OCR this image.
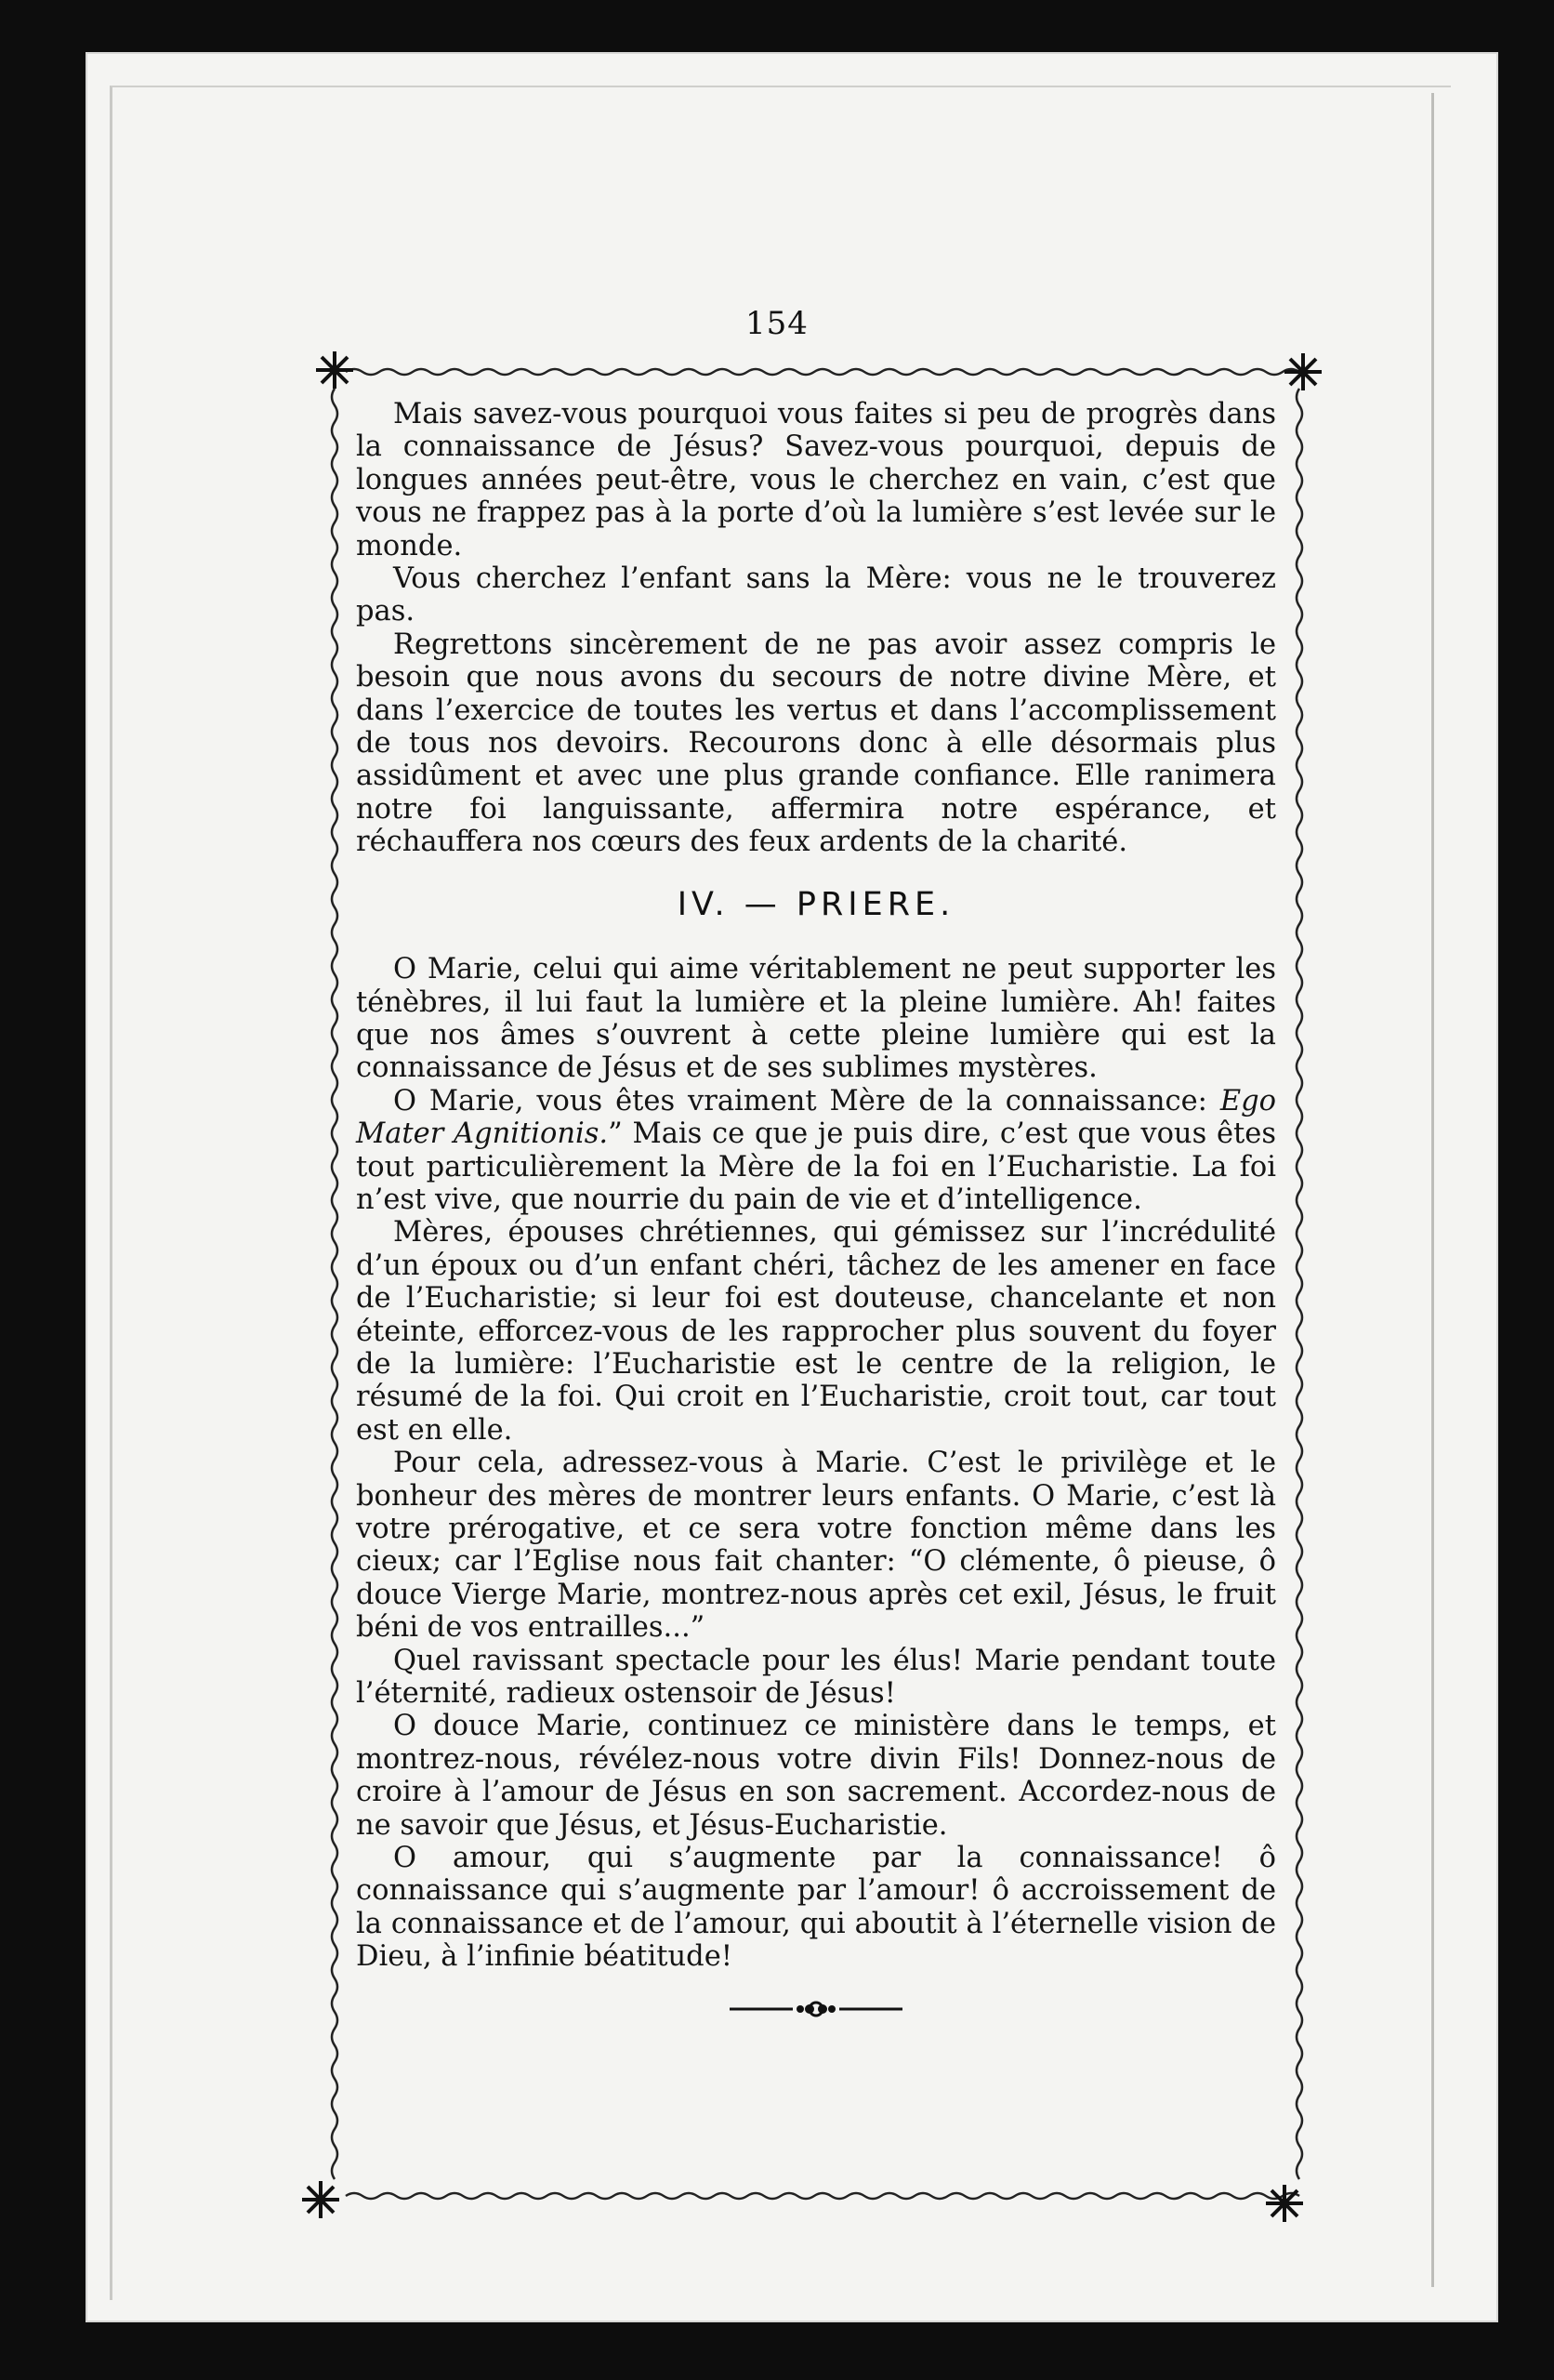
154

Mais savez-vous pourquoi vous faites si peu de progrès dans la connaissance de Jésus? Savez-vous pourquoi, depuis de longues années peut-être, vous le cherchez en vain, c’est que vous ne frappez pas à la porte d’où la lumière s’est levée sur le monde.

Vous cherchez l’enfant sans la Mère: vous ne le trouverez pas.

Regrettons sincèrement de ne pas avoir assez compris le besoin que nous avons du secours de notre divine Mère, et dans l’exercice de toutes les vertus et dans l’accomplissement de tous nos devoirs. Recourons donc à elle désormais plus assidûment et avec une plus grande confiance. Elle ranimera notre foi languissante, affermira notre espérance, et réchauffera nos cœurs des feux ardents de la charité.

IV. — PRIERE.

O Marie, celui qui aime véritablement ne peut supporter les ténèbres, il lui faut la lumière et la pleine lumière. Ah! faites que nos âmes s’ouvrent à cette pleine lumière qui est la connaissance de Jésus et de ses sublimes mystères.

O Marie, vous êtes vraiment Mère de la connaissance: Ego Mater Agnitionis.” Mais ce que je puis dire, c’est que vous êtes tout particulièrement la Mère de la foi en l’Eucharistie. La foi n’est vive, que nourrie du pain de vie et d’intelligence.

Mères, épouses chrétiennes, qui gémissez sur l’incrédulité d’un époux ou d’un enfant chéri, tâchez de les amener en face de l’Eucharistie; si leur foi est douteuse, chancelante et non éteinte, efforcez-vous de les rapprocher plus souvent du foyer de la lumière: l’Eucharistie est le centre de la religion, le résumé de la foi. Qui croit en l’Eucharistie, croit tout, car tout est en elle.

Pour cela, adressez-vous à Marie. C’est le privilège et le bonheur des mères de montrer leurs enfants. O Marie, c’est là votre prérogative, et ce sera votre fonction même dans les cieux; car l’Eglise nous fait chanter: “O clémente, ô pieuse, ô douce Vierge Marie, montrez-nous après cet exil, Jésus, le fruit béni de vos entrailles...”

Quel ravissant spectacle pour les élus! Marie pendant toute l’éternité, radieux ostensoir de Jésus!

O douce Marie, continuez ce ministère dans le temps, et montrez-nous, révélez-nous votre divin Fils! Donnez-nous de croire à l’amour de Jésus en son sacrement. Accordez-nous de ne savoir que Jésus, et Jésus-Eucharistie.

O amour, qui s’augmente par la connaissance! ô connaissance qui s’augmente par l’amour! ô accroissement de la connaissance et de l’amour, qui aboutit à l’éternelle vision de Dieu, à l’infinie béatitude!
